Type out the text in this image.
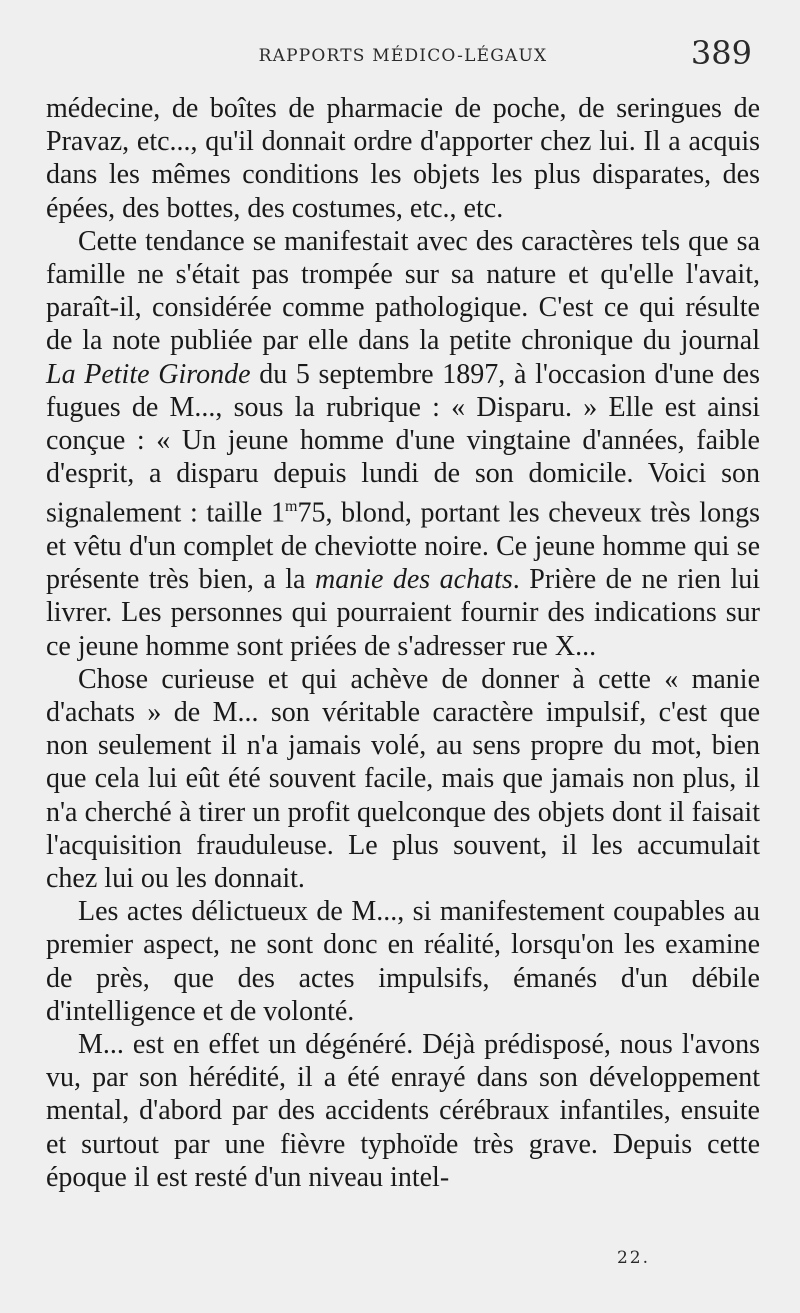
RAPPORTS MÉDICO-LÉGAUX	389

médecine, de boîtes de pharmacie de poche, de seringues de Pravaz, etc..., qu'il donnait ordre d'apporter chez lui. Il a acquis dans les mêmes conditions les objets les plus disparates, des épées, des bottes, des costumes, etc., etc.

Cette tendance se manifestait avec des caractères tels que sa famille ne s'était pas trompée sur sa nature et qu'elle l'avait, paraît-il, considérée comme pathologique. C'est ce qui résulte de la note publiée par elle dans la petite chronique du journal La Petite Gironde du 5 septembre 1897, à l'occasion d'une des fugues de M..., sous la rubrique : « Disparu. » Elle est ainsi conçue : « Un jeune homme d'une vingtaine d'années, faible d'esprit, a disparu depuis lundi de son domicile. Voici son signalement : taille 1$^m$75, blond, portant les cheveux très longs et vêtu d'un complet de cheviotte noire. Ce jeune homme qui se présente très bien, a la manie des achats. Prière de ne rien lui livrer. Les personnes qui pourraient fournir des indications sur ce jeune homme sont priées de s'adresser rue X...

Chose curieuse et qui achève de donner à cette « manie d'achats » de M... son véritable caractère impulsif, c'est que non seulement il n'a jamais volé, au sens propre du mot, bien que cela lui eût été souvent facile, mais que jamais non plus, il n'a cherché à tirer un profit quelconque des objets dont il faisait l'acquisition frauduleuse. Le plus souvent, il les accumulait chez lui ou les donnait.

Les actes délictueux de M..., si manifestement coupables au premier aspect, ne sont donc en réalité, lorsqu'on les examine de près, que des actes impulsifs, émanés d'un débile d'intelligence et de volonté.

M... est en effet un dégénéré. Déjà prédisposé, nous l'avons vu, par son hérédité, il a été enrayé dans son développement mental, d'abord par des accidents cérébraux infantiles, ensuite et surtout par une fièvre typhoïde très grave. Depuis cette époque il est resté d'un niveau intel-

22.
